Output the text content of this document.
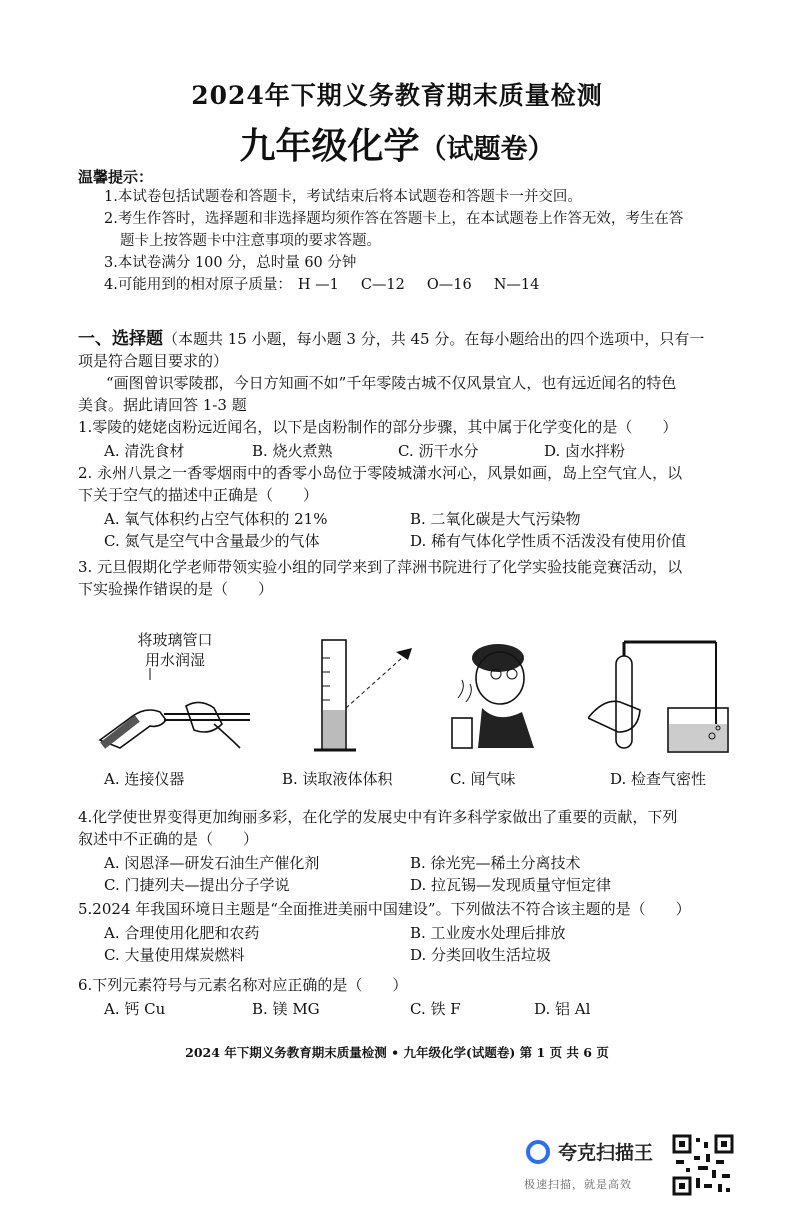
2024年下期义务教育期末质量检测
九年级化学（试题卷）
温馨提示：
1.本试卷包括试题卷和答题卡，考试结束后将本试题卷和答题卡一并交回。
2.考生作答时，选择题和非选择题均须作答在答题卡上，在本试题卷上作答无效，考生在答
题卡上按答题卡中注意事项的要求答题。
3.本试卷满分 100 分，总时量 60 分钟
4.可能用到的相对原子质量： H —1 C—12 O—16 N—14
一、选择题（本题共 15 小题，每小题 3 分，共 45 分。在每小题给出的四个选项中，只有一
项是符合题目要求的）
“画图曾识零陵郡，今日方知画不如”千年零陵古城不仅风景宜人，也有远近闻名的特色
美食。据此请回答 1-3 题
1.零陵的姥姥卤粉远近闻名，以下是卤粉制作的部分步骤，其中属于化学变化的是（　　）
A. 清洗食材	B. 烧火煮熟	C. 沥干水分	D. 卤水拌粉
2. 永州八景之一香零烟雨中的香零小岛位于零陵城潇水河心，风景如画，岛上空气宜人，以
下关于空气的描述中正确是（　　）
A. 氧气体积约占空气体积的 21%	B. 二氧化碳是大气污染物
C. 氮气是空气中含量最少的气体	D. 稀有气体化学性质不活泼没有使用价值
3. 元旦假期化学老师带领实验小组的同学来到了萍洲书院进行了化学实验技能竞赛活动，以
下实验操作错误的是（　　）
将玻璃管口
用水润湿
A. 连接仪器	B. 读取液体体积	C. 闻气味	D. 检查气密性
4.化学使世界变得更加绚丽多彩，在化学的发展史中有许多科学家做出了重要的贡献，下列
叙述中不正确的是（　　）
A. 闵恩泽—研发石油生产催化剂	B. 徐光宪—稀土分离技术
C. 门捷列夫—提出分子学说	D. 拉瓦锡—发现质量守恒定律
5.2024 年我国环境日主题是“全面推进美丽中国建设”。下列做法不符合该主题的是（　　）
A. 合理使用化肥和农药	B. 工业废水处理后排放
C. 大量使用煤炭燃料	D. 分类回收生活垃圾
6.下列元素符号与元素名称对应正确的是（　　）
A. 钙 Cu	B. 镁 MG	C. 铁 F	D. 铝 Al
2024 年下期义务教育期末质量检测 • 九年级化学(试题卷) 第 1 页 共 6 页
夸克扫描王
极速扫描，就是高效
